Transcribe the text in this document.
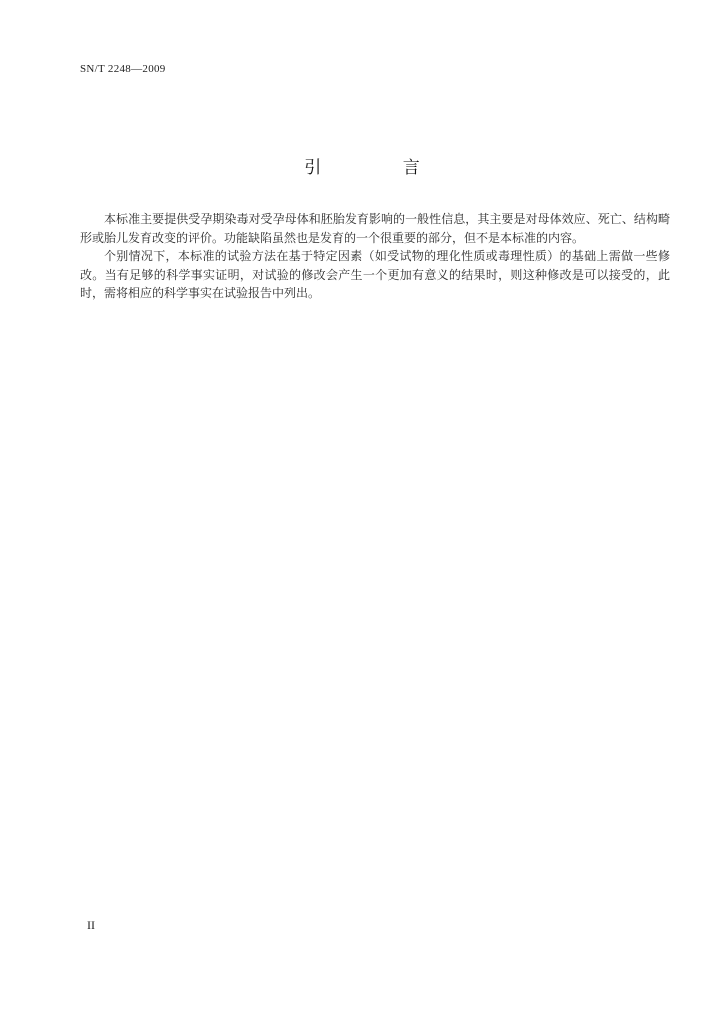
SN/T 2248—2009
引 言

本标准主要提供受孕期染毒对受孕母体和胚胎发育影响的一般性信息，其主要是对母体效应、死亡、结构畸形或胎儿发育改变的评价。功能缺陷虽然也是发育的一个很重要的部分，但不是本标准的内容。

个别情况下，本标准的试验方法在基于特定因素（如受试物的理化性质或毒理性质）的基础上需做一些修改。当有足够的科学事实证明，对试验的修改会产生一个更加有意义的结果时，则这种修改是可以接受的，此时，需将相应的科学事实在试验报告中列出。

II
